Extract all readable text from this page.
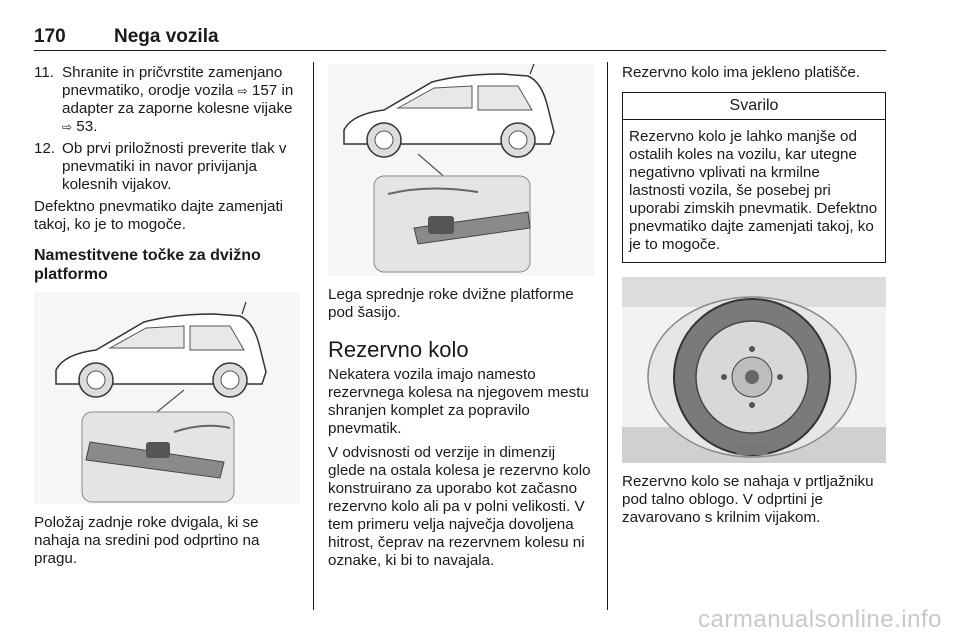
170	Nega vozila
11. Shranite in pričvrstite zamenjano pnevmatiko, orodje vozila ⇨ 157 in adapter za zaporne kolesne vijake ⇨ 53.
12. Ob prvi priložnosti preverite tlak v pnevmatiki in navor privijanja kolesnih vijakov.

Defektno pnevmatiko dajte zamenjati takoj, ko je to mogoče.

Namestitvene točke za dvižno platformo

Položaj zadnje roke dvigala, ki se nahaja na sredini pod odprtino na pragu.

Lega sprednje roke dvižne platforme pod šasijo.

Rezervno kolo

Nekatera vozila imajo namesto rezervnega kolesa na njegovem mestu shranjen komplet za popravilo pnevmatik.

V odvisnosti od verzije in dimenzij glede na ostala kolesa je rezervno kolo konstruirano za uporabo kot začasno rezervno kolo ali pa v polni velikosti. V tem primeru velja največja dovoljena hitrost, čeprav na rezervnem kolesu ni oznake, ki bi to navajala.

Rezervno kolo ima jekleno platišče.

Svarilo
Rezervno kolo je lahko manjše od ostalih koles na vozilu, kar utegne negativno vplivati na krmilne lastnosti vozila, še posebej pri uporabi zimskih pnevmatik. Defektno pnevmatiko dajte zamenjati takoj, ko je to mogoče.

Rezervno kolo se nahaja v prtljažniku pod talno oblogo. V odprtini je zavarovano s krilnim vijakom.

carmanualsonline.info
